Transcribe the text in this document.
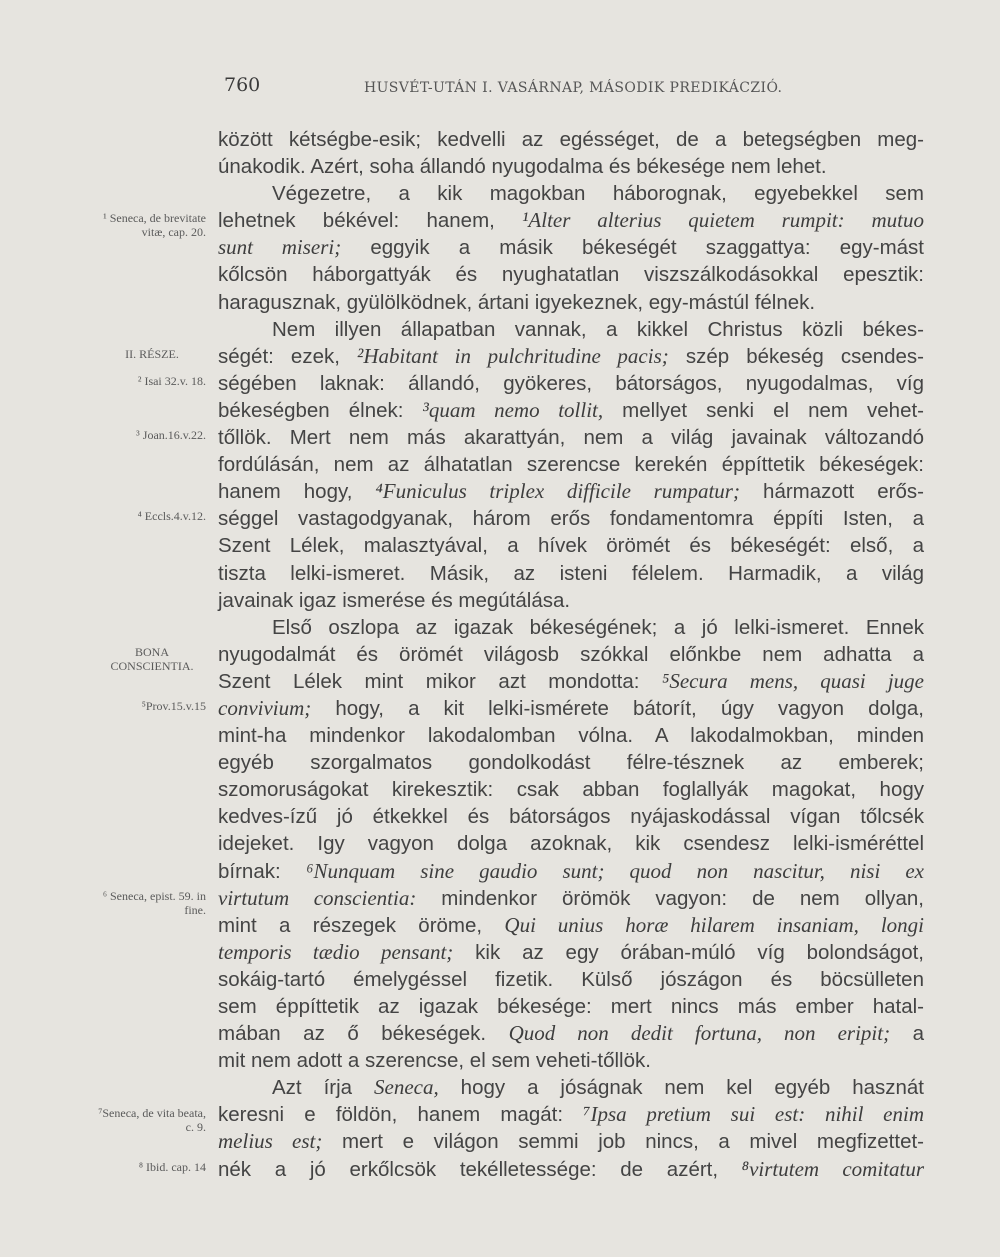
760	HUSVÉT-UTÁN I. VASÁRNAP, MÁSODIK PREDIKÁCZIÓ.
¹ Seneca, de brevitate vitæ, cap. 20.
II. RÉSZE.
² Isai 32.v. 18.
³ Joan.16.v.22.
⁴ Eccls.4.v.12.
BONA CONSCIENTIA.
⁵Prov.15.v.15
⁶ Seneca, epist. 59. in fine.
⁷Seneca, de vita beata, c. 9.
⁸ Ibid. cap. 14
között kétségbe-esik; kedvelli az egésséget, de a betegségben meg-
únakodik. Azért, soha állandó nyugodalma és békesége nem lehet.
Végezetre, a kik magokban háborognak, egyebekkel sem
lehetnek békével: hanem, ¹Alter alterius quietem rumpit: mutuo
sunt miseri; eggyik a másik békeségét szaggattya: egy-mást
kőlcsön háborgattyák és nyughatatlan viszszálkodásokkal epesztik:
haragusznak, gyülölködnek, ártani igyekeznek, egy-mástúl félnek.
Nem illyen állapatban vannak, a kikkel Christus közli békes-
ségét: ezek, ²Habitant in pulchritudine pacis; szép békeség csendes-
ségében laknak: állandó, gyökeres, bátorságos, nyugodalmas, víg
békeségben élnek: ³quam nemo tollit, mellyet senki el nem vehet-
tőllök. Mert nem más akarattyán, nem a világ javainak változandó
fordúlásán, nem az álhatatlan szerencse kerekén éppíttetik békeségek:
hanem hogy, ⁴Funiculus triplex difficile rumpatur; hármazott erős-
séggel vastagodgyanak, három erős fondamentomra éppíti Isten, a
Szent Lélek, malasztyával, a hívek örömét és békeségét: első, a
tiszta lelki-ismeret. Másik, az isteni félelem. Harmadik, a világ
javainak igaz ismerése és megútálása.
Első oszlopa az igazak békeségének; a jó lelki-ismeret. Ennek
nyugodalmát és örömét világosb szókkal előnkbe nem adhatta a
Szent Lélek mint mikor azt mondotta: ⁵Secura mens, quasi juge
convivium; hogy, a kit lelki-ismérete bátorít, úgy vagyon dolga,
mint-ha mindenkor lakodalomban vólna. A lakodalmokban, minden
egyéb szorgalmatos gondolkodást félre-tésznek az emberek;
szomoruságokat kirekesztik: csak abban foglallyák magokat, hogy
kedves-ízű jó étkekkel és bátorságos nyájaskodással vígan tőlcsék
idejeket. Igy vagyon dolga azoknak, kik csendesz lelki-isméréttel
bírnak: ⁶Nunquam sine gaudio sunt; quod non nascitur, nisi ex
virtutum conscientia: mindenkor örömök vagyon: de nem ollyan,
mint a részegek öröme, Qui unius horæ hilarem insaniam, longi
temporis tædio pensant; kik az egy órában-múló víg bolondságot,
sokáig-tartó émelygéssel fizetik. Külső jószágon és böcsülleten
sem éppíttetik az igazak békesége: mert nincs más ember hatal-
mában az ő békeségek. Quod non dedit fortuna, non eripit; a
mit nem adott a szerencse, el sem veheti-tőllök.
Azt írja Seneca, hogy a jóságnak nem kel egyéb hasznát
keresni e földön, hanem magát: ⁷Ipsa pretium sui est: nihil enim
melius est; mert e világon semmi job nincs, a mivel megfizettet-
nék a jó erkőlcsök tekélletessége: de azért, ⁸virtutem comitatur
